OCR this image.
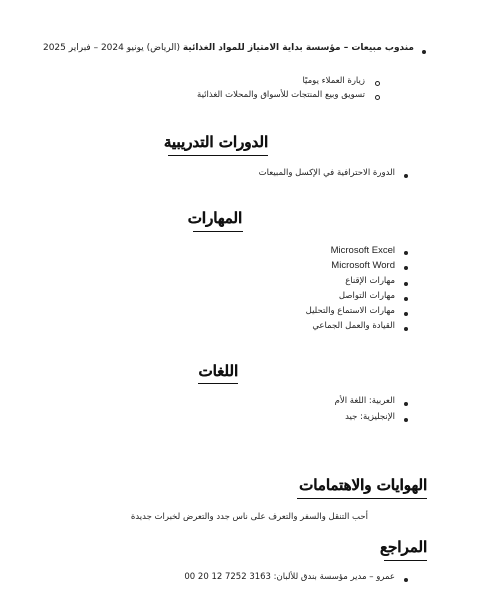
مندوب مبيعات – مؤسسة بداية الامتياز للمواد الغذائية (الرياض) يونيو 2024 – فبراير 2025
زيارة العملاء يوميًا
تسويق وبيع المنتجات للأسواق والمحلات الغذائية
الدورات التدريبية
الدورة الاحترافية في الإكسل والمبيعات
المهارات
Microsoft Excel
Microsoft Word
مهارات الإقناع
مهارات التواصل
مهارات الاستماع والتحليل
القيادة والعمل الجماعي
اللغات
العربية: اللغة الأم
الإنجليزية: جيد
الهوايات والاهتمامات
أحب التنقل والسفر والتعرف على ناس جدد والتعرض لخبرات جديدة
المراجع
عمرو – مدير مؤسسة بندق للألبان: 3163 7252 12 20 00
